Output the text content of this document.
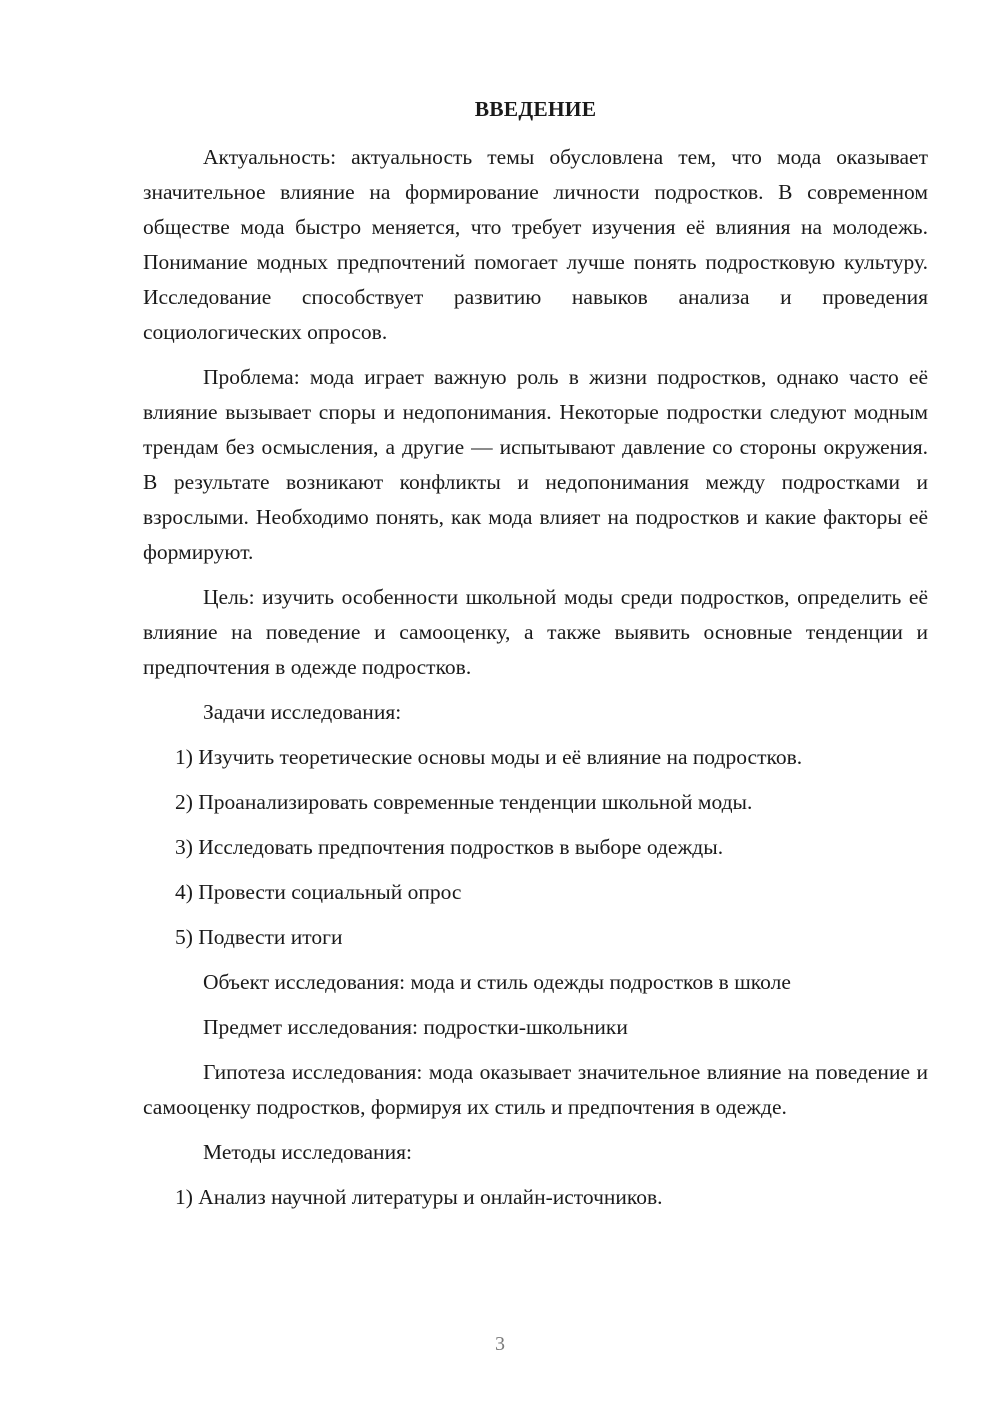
ВВЕДЕНИЕ

Актуальность: актуальность темы обусловлена тем, что мода оказывает значительное влияние на формирование личности подростков. В современном обществе мода быстро меняется, что требует изучения её влияния на молодежь. Понимание модных предпочтений помогает лучше понять подростковую культуру. Исследование способствует развитию навыков анализа и проведения социологических опросов.

Проблема: мода играет важную роль в жизни подростков, однако часто её влияние вызывает споры и недопонимания. Некоторые подростки следуют модным трендам без осмысления, а другие — испытывают давление со стороны окружения. В результате возникают конфликты и недопонимания между подростками и взрослыми. Необходимо понять, как мода влияет на подростков и какие факторы её формируют.

Цель: изучить особенности школьной моды среди подростков, определить её влияние на поведение и самооценку, а также выявить основные тенденции и предпочтения в одежде подростков.

Задачи исследования:
1) Изучить теоретические основы моды и её влияние на подростков.
2) Проанализировать современные тенденции школьной моды.
3) Исследовать предпочтения подростков в выборе одежды.
4) Провести социальный опрос
5) Подвести итоги
Объект исследования: мода и стиль одежды подростков в школе
Предмет исследования: подростки-школьники

Гипотеза исследования: мода оказывает значительное влияние на поведение и самооценку подростков, формируя их стиль и предпочтения в одежде.

Методы исследования:
1) Анализ научной литературы и онлайн-источников.
3
